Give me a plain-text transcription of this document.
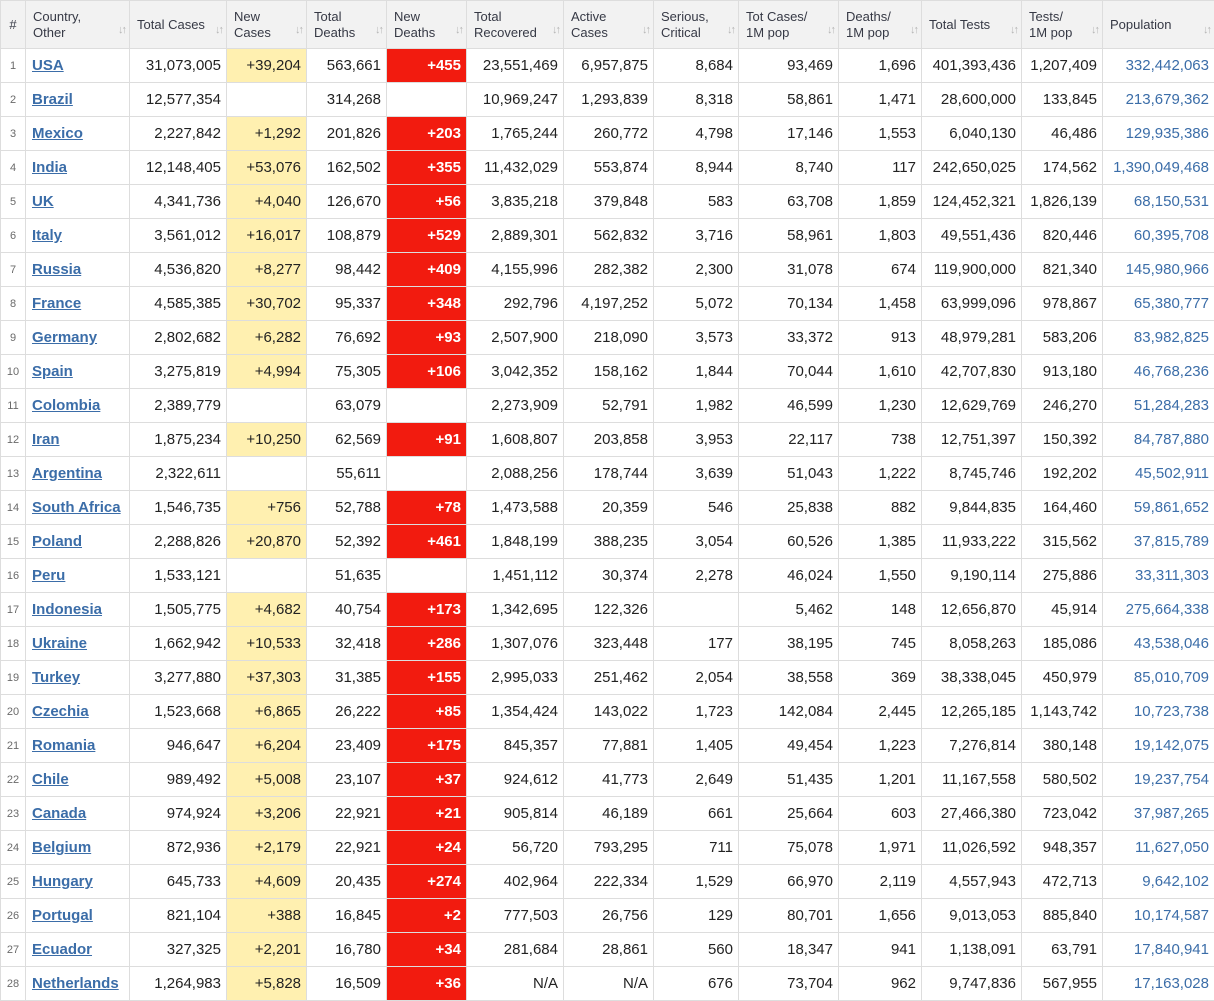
#	Country, Other ↓↑	Total Cases ↓↑	New Cases ↓↑	Total Deaths ↓↑	New Deaths ↓↑	Total Recovered ↓↑	Active Cases ↓↑	Serious, Critical ↓↑	Tot Cases/ 1M pop ↓↑	Deaths/ 1M pop ↓↑	Total Tests ↓↑	Tests/ 1M pop ↓↑	Population ↓↑

1	USA	31,073,005	+39,204	563,661	+455	23,551,469	6,957,875	8,684	93,469	1,696	401,393,436	1,207,409	332,442,063
2	Brazil	12,577,354		314,268		10,969,247	1,293,839	8,318	58,861	1,471	28,600,000	133,845	213,679,362
3	Mexico	2,227,842	+1,292	201,826	+203	1,765,244	260,772	4,798	17,146	1,553	6,040,130	46,486	129,935,386
4	India	12,148,405	+53,076	162,502	+355	11,432,029	553,874	8,944	8,740	117	242,650,025	174,562	1,390,049,468
5	UK	4,341,736	+4,040	126,670	+56	3,835,218	379,848	583	63,708	1,859	124,452,321	1,826,139	68,150,531
6	Italy	3,561,012	+16,017	108,879	+529	2,889,301	562,832	3,716	58,961	1,803	49,551,436	820,446	60,395,708
7	Russia	4,536,820	+8,277	98,442	+409	4,155,996	282,382	2,300	31,078	674	119,900,000	821,340	145,980,966
8	France	4,585,385	+30,702	95,337	+348	292,796	4,197,252	5,072	70,134	1,458	63,999,096	978,867	65,380,777
9	Germany	2,802,682	+6,282	76,692	+93	2,507,900	218,090	3,573	33,372	913	48,979,281	583,206	83,982,825
10	Spain	3,275,819	+4,994	75,305	+106	3,042,352	158,162	1,844	70,044	1,610	42,707,830	913,180	46,768,236
11	Colombia	2,389,779		63,079		2,273,909	52,791	1,982	46,599	1,230	12,629,769	246,270	51,284,283
12	Iran	1,875,234	+10,250	62,569	+91	1,608,807	203,858	3,953	22,117	738	12,751,397	150,392	84,787,880
13	Argentina	2,322,611		55,611		2,088,256	178,744	3,639	51,043	1,222	8,745,746	192,202	45,502,911
14	South Africa	1,546,735	+756	52,788	+78	1,473,588	20,359	546	25,838	882	9,844,835	164,460	59,861,652
15	Poland	2,288,826	+20,870	52,392	+461	1,848,199	388,235	3,054	60,526	1,385	11,933,222	315,562	37,815,789
16	Peru	1,533,121		51,635		1,451,112	30,374	2,278	46,024	1,550	9,190,114	275,886	33,311,303
17	Indonesia	1,505,775	+4,682	40,754	+173	1,342,695	122,326		5,462	148	12,656,870	45,914	275,664,338
18	Ukraine	1,662,942	+10,533	32,418	+286	1,307,076	323,448	177	38,195	745	8,058,263	185,086	43,538,046
19	Turkey	3,277,880	+37,303	31,385	+155	2,995,033	251,462	2,054	38,558	369	38,338,045	450,979	85,010,709
20	Czechia	1,523,668	+6,865	26,222	+85	1,354,424	143,022	1,723	142,084	2,445	12,265,185	1,143,742	10,723,738
21	Romania	946,647	+6,204	23,409	+175	845,357	77,881	1,405	49,454	1,223	7,276,814	380,148	19,142,075
22	Chile	989,492	+5,008	23,107	+37	924,612	41,773	2,649	51,435	1,201	11,167,558	580,502	19,237,754
23	Canada	974,924	+3,206	22,921	+21	905,814	46,189	661	25,664	603	27,466,380	723,042	37,987,265
24	Belgium	872,936	+2,179	22,921	+24	56,720	793,295	711	75,078	1,971	11,026,592	948,357	11,627,050
25	Hungary	645,733	+4,609	20,435	+274	402,964	222,334	1,529	66,970	2,119	4,557,943	472,713	9,642,102
26	Portugal	821,104	+388	16,845	+2	777,503	26,756	129	80,701	1,656	9,013,053	885,840	10,174,587
27	Ecuador	327,325	+2,201	16,780	+34	281,684	28,861	560	18,347	941	1,138,091	63,791	17,840,941
28	Netherlands	1,264,983	+5,828	16,509	+36	N/A	N/A	676	73,704	962	9,747,836	567,955	17,163,028
